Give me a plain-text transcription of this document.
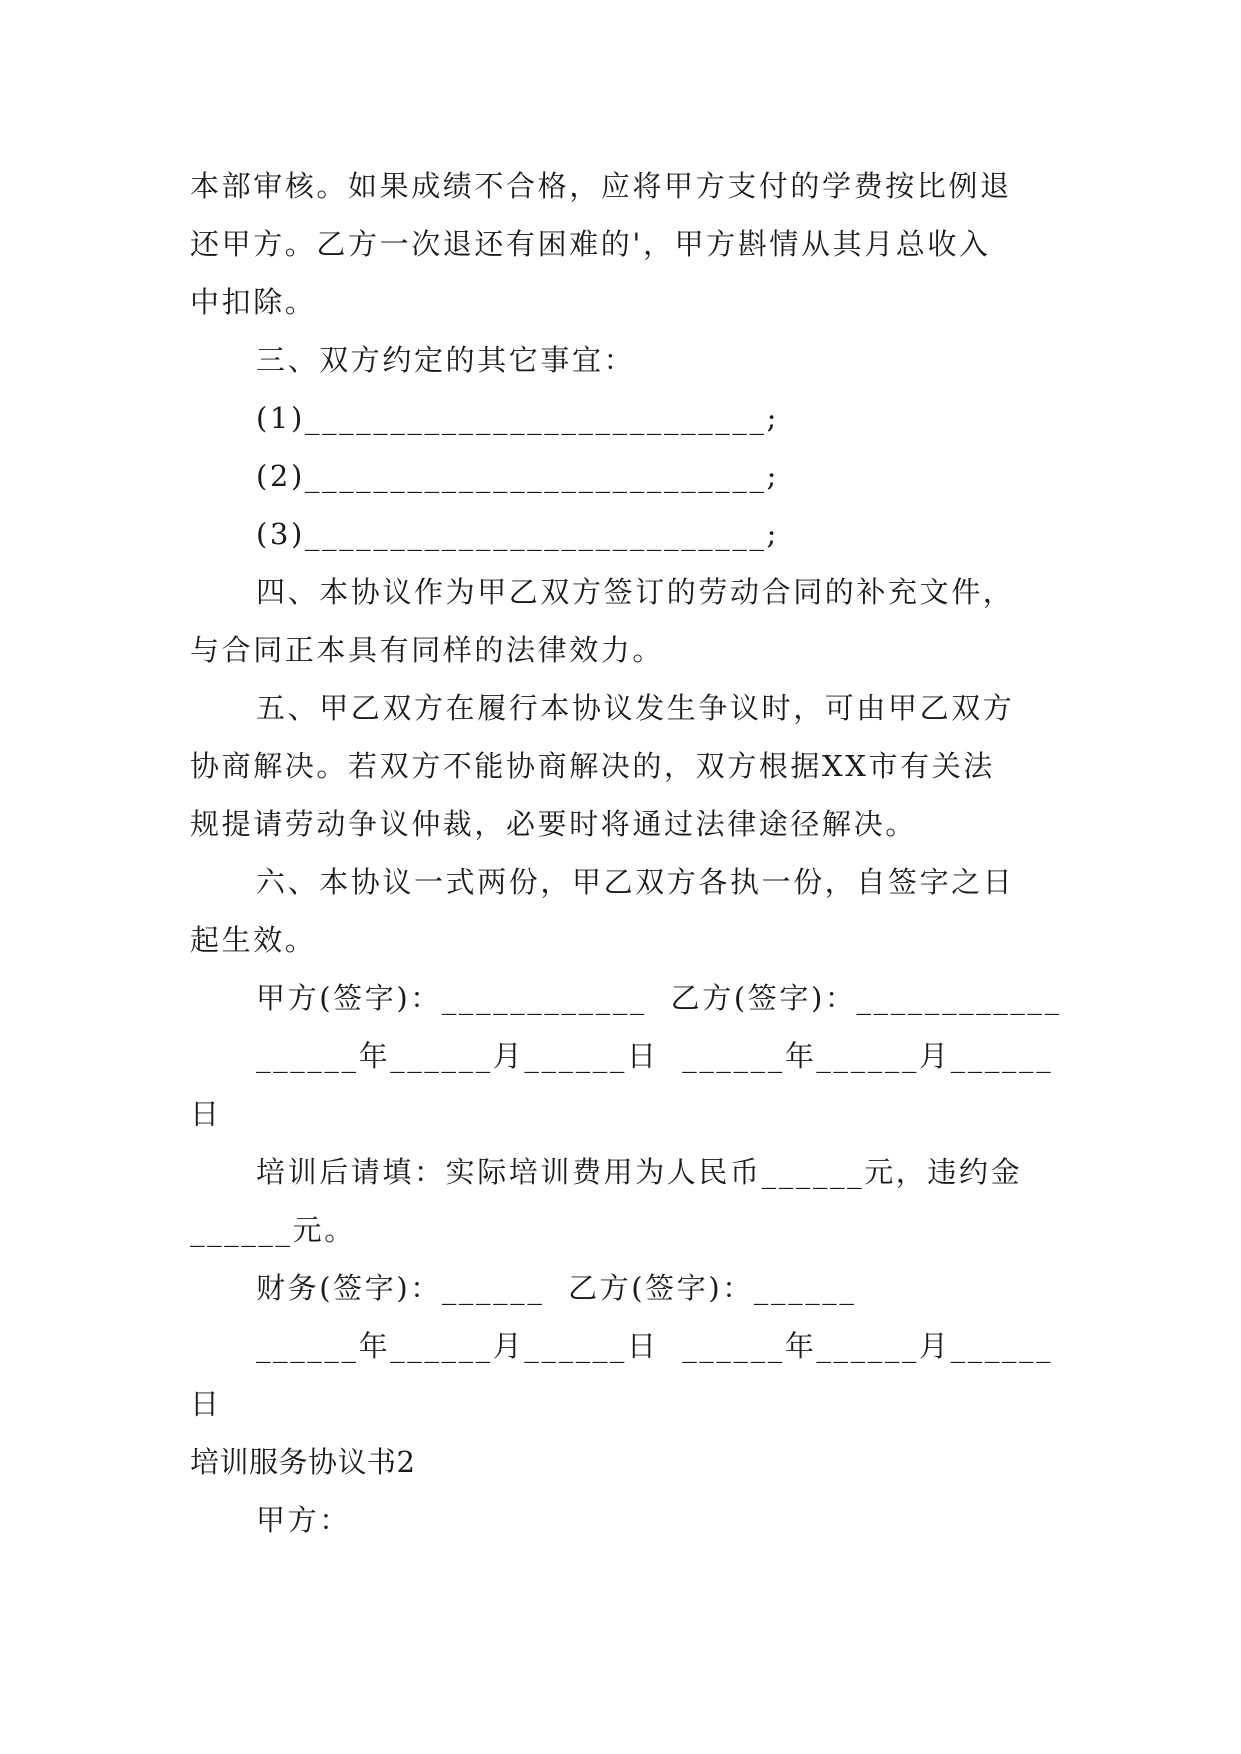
本部审核。如果成绩不合格，应将甲方支付的学费按比例退
还甲方。乙方一次退还有困难的'，甲方斟情从其月总收入
中扣除。
三、双方约定的其它事宜：
(1)___________________________;
(2)___________________________;
(3)___________________________;
四、本协议作为甲乙双方签订的劳动合同的补充文件，
与合同正本具有同样的法律效力。
五、甲乙双方在履行本协议发生争议时，可由甲乙双方
协商解决。若双方不能协商解决的，双方根据XX市有关法
规提请劳动争议仲裁，必要时将通过法律途径解决。
六、本协议一式两份，甲乙双方各执一份，自签字之日
起生效。
甲方(签字)：____________  乙方(签字)：____________
______年______月______日  ______年______月______
日
培训后请填：实际培训费用为人民币______元，违约金
______元。
财务(签字)：______  乙方(签字)：______
______年______月______日  ______年______月______
日
培训服务协议书2
甲方：
